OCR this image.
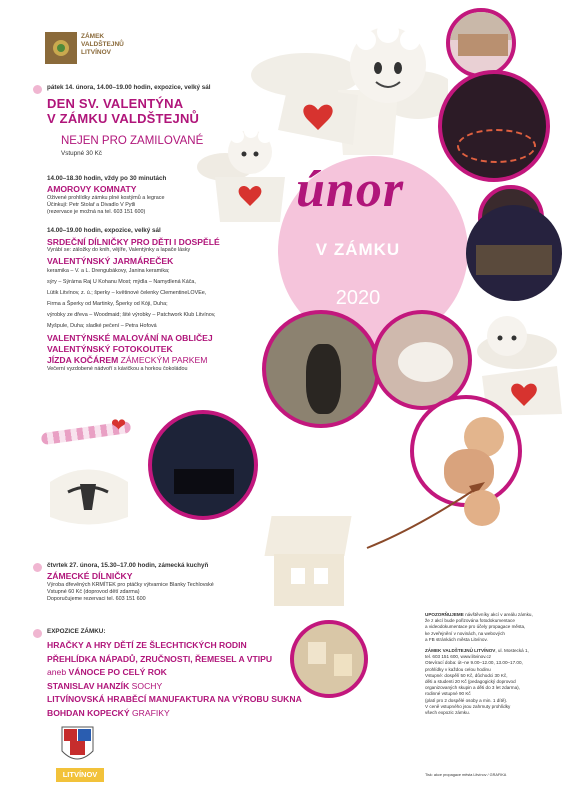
ZÁMEK
VALDŠTEJNŮ
LITVÍNOV
pátek 14. února, 14.00–19.00 hodin, expozice, velký sál
DEN SV. VALENTÝNA
V ZÁMKU VALDŠTEJNŮ
NEJEN PRO ZAMILOVANÉ
Vstupné 30 Kč
14.00–18.30 hodin, vždy po 30 minutách
AMOROVY KOMNATY
Oživené prohlídky zámku plné kostýmů a legrace
Účinkují: Petr Stolař a Divadlo V Pytli
(rezervace je možná na tel. 603 151 600)
14.00–19.00 hodin, expozice, velký sál
SRDEČNÍ DÍLNIČKY PRO DĚTI I DOSPĚLÉ
Vyrábí se: záložky do knih, vějíře, Valentýnky a lapače lásky
VALENTÝNSKÝ JARMÁREČEK
keramika – V. a L. Drengubákovy, Janina keramika;
sýry – Sýrárna Raj U Kohanu Most; mýdla – Namydlená Káča,
Lütik Litvínov, z. ú.; šperky – květinové čelenky ClementineLOVEe,
Firma a Šperky od Martinky, Šperky od Kóji, Duha;
výrobky ze dřeva – Woodmaid; šité výrobky – Patchwork Klub Litvínov,
Myšpule, Duha; sladké pečení – Petra Hofová
VALENTÝNSKÉ MALOVÁNÍ NA OBLIČEJ
VALENTÝNSKÝ FOTOKOUTEK
JÍZDA KOČÁREM ZÁMECKÝM PARKEM
Večerní vyzdobené nádvoří s kávičkou a horkou čokoládou
únor
V ZÁMKU
2020
❤
čtvrtek 27. února, 15.30–17.00 hodin, zámecká kuchyň
ZÁMECKÉ DÍLNIČKY
Výroba dřevěných KRMÍTEK pro ptáčky výtvarnice Blanky Techlovské
Vstupné 60 Kč (doprovod dětí zdarma)
Doporučujeme rezervaci tel. 603 151 600
EXPOZICE ZÁMKU:
HRAČKY A HRY DĚTÍ ZE ŠLECHTICKÝCH RODIN
PŘEHLÍDKA NÁPADŮ, ZRUČNOSTI, ŘEMESEL A VTIPU
aneb VÁNOCE PO CELÝ ROK
STANISLAV HANZÍK SOCHY
LITVÍNOVSKÁ HRABĚCÍ MANUFAKTURA NA VÝROBU SUKNA
BOHDAN KOPECKÝ GRAFIKY
UPOZORŇUJEME návštěvníky akcí v areálu zámku,
že z akcí bude pořizována fotodokumentace
a videodokumentace pro účely propagace města,
ke zveřejnění v novinách, na webových
a FB stránkách města Litvínov.
ZÁMEK VALDŠTEJNŮ LITVÍNOV, ul. Mostecká 1,
tel. 603 151 600, www.litvinov.cz
Otevírací doba: út–ne 9.00–12.00, 13.00–17.00,
prohlídky v každou celou hodinu
Vstupné: dospělí 50 Kč, důchodci 30 Kč,
děti a studenti 20 Kč (pedagogický doprovod
organizovaných skupin a děti do 3 let zdarma),
rodinné vstupné 90 Kč
(platí pro 2 dospělé osoby a min. 1 dítě).
V ceně vstupného jsou zahrnuty prohlídky
všech expozic zámku.
Tisk: akce propagace města Litvínov / GRAFIKA
LITVÍNOV
